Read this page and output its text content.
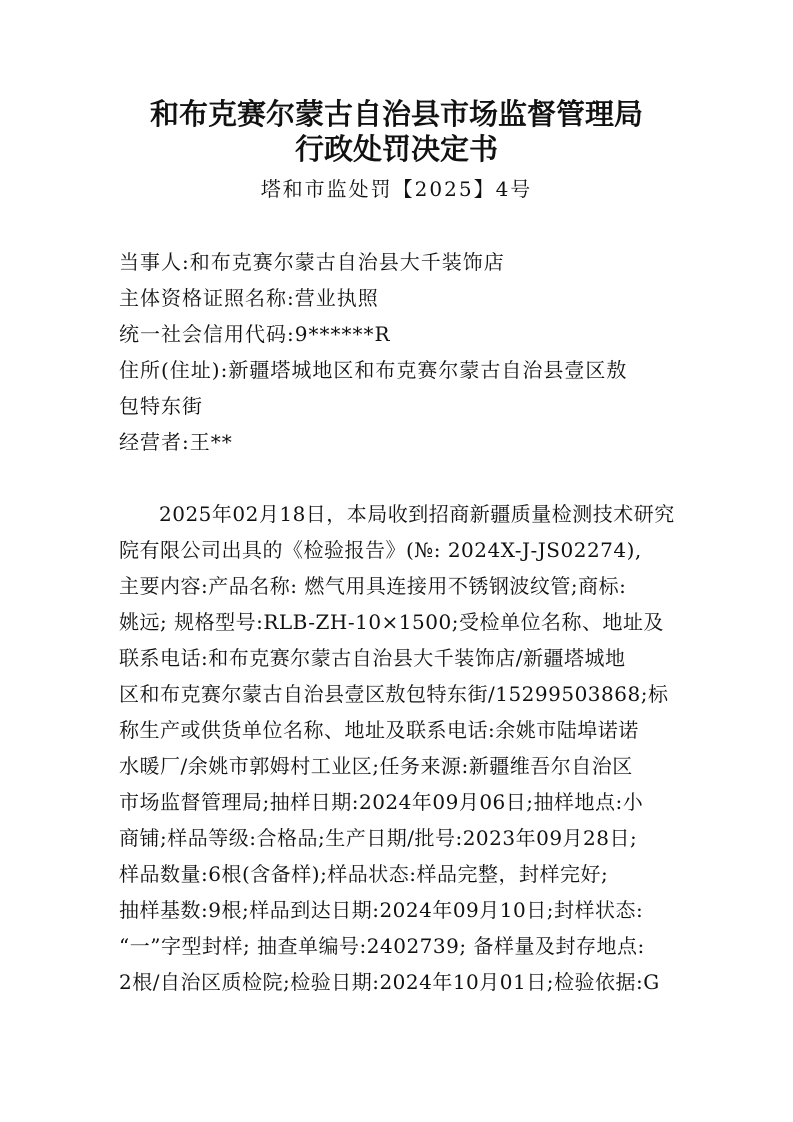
和布克赛尔蒙古自治县市场监督管理局
行政处罚决定书
塔和市监处罚【2025】4号
当事人:和布克赛尔蒙古自治县大千装饰店
主体资格证照名称:营业执照
统一社会信用代码:9******R
住所(住址):新疆塔城地区和布克赛尔蒙古自治县壹区敖
包特东街
经营者:王**
2025年02月18日，本局收到招商新疆质量检测技术研究
院有限公司出具的《检验报告》(№: 2024X-J-JS02274),
主要内容:产品名称: 燃气用具连接用不锈钢波纹管;商标:
姚远; 规格型号:RLB-ZH-10×1500;受检单位名称、地址及
联系电话:和布克赛尔蒙古自治县大千装饰店/新疆塔城地
区和布克赛尔蒙古自治县壹区敖包特东街/15299503868;标
称生产或供货单位名称、地址及联系电话:余姚市陆埠诺诺
水暖厂/余姚市郭姆村工业区;任务来源:新疆维吾尔自治区
市场监督管理局;抽样日期:2024年09月06日;抽样地点:小
商铺;样品等级:合格品;生产日期/批号:2023年09月28日;
样品数量:6根(含备样);样品状态:样品完整，封样完好;
抽样基数:9根;样品到达日期:2024年09月10日;封样状态:
“一”字型封样; 抽查单编号:2402739; 备样量及封存地点:
2根/自治区质检院;检验日期:2024年10月01日;检验依据:G
